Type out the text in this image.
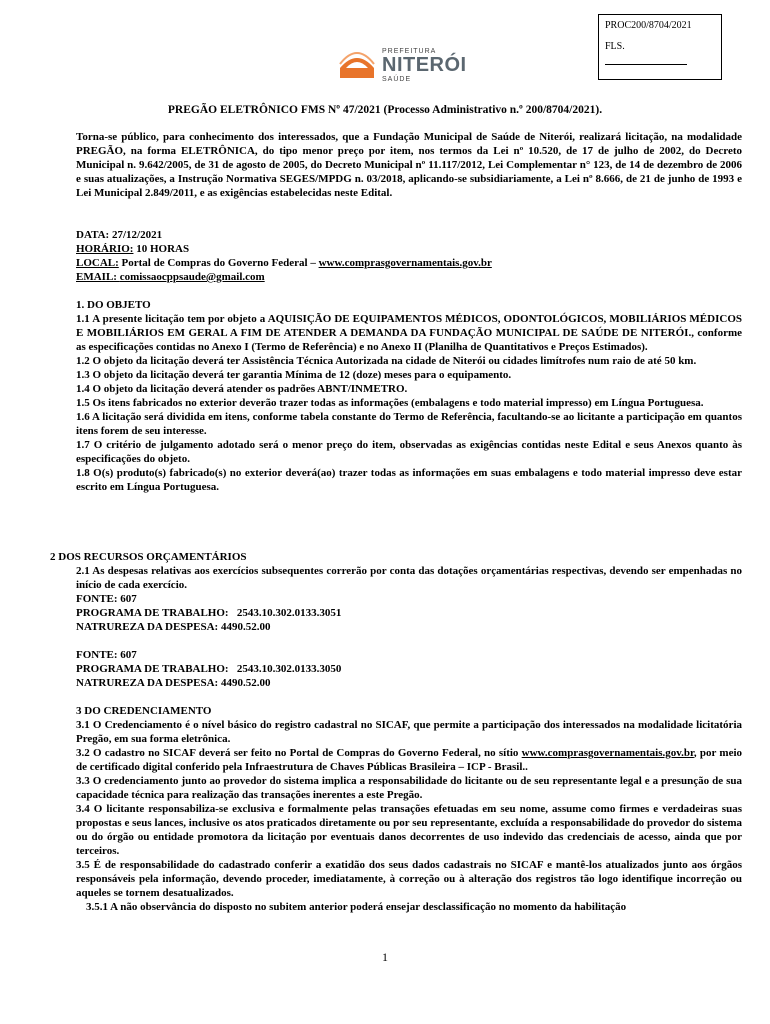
PROC200/8704/2021
FLS.
PREFEITURA
NITERÓI
SAÚDE
PREGÃO ELETRÔNICO FMS Nº 47/2021 (Processo Administrativo n.º 200/8704/2021).
Torna-se público, para conhecimento dos interessados, que a Fundação Municipal de Saúde de Niterói, realizará licitação, na modalidade PREGÃO, na forma ELETRÔNICA, do tipo menor preço por item, nos termos da Lei nº 10.520, de 17 de julho de 2002, do Decreto Municipal n. 9.642/2005, de 31 de agosto de 2005, do Decreto Municipal nº 11.117/2012, Lei Complementar n° 123, de 14 de dezembro de 2006 e suas atualizações, a Instrução Normativa SEGES/MPDG n. 03/2018, aplicando-se subsidiariamente, a Lei nº 8.666, de 21 de junho de 1993 e Lei Municipal 2.849/2011, e as exigências estabelecidas neste Edital.

DATA: 27/12/2021

HORÁRIO: 10 HORAS

LOCAL: Portal de Compras do Governo Federal – www.comprasgovernamentais.gov.br

EMAIL: comissaocppsaude@gmail.com

1. DO OBJETO

1.1 A presente licitação tem por objeto a AQUISIÇÃO DE EQUIPAMENTOS MÉDICOS, ODONTOLÓGICOS, MOBILIÁRIOS MÉDICOS E MOBILIÁRIOS EM GERAL A FIM DE ATENDER A DEMANDA DA FUNDAÇÃO MUNICIPAL DE SAÚDE DE NITERÓI., conforme as especificações contidas no Anexo I (Termo de Referência) e no Anexo II (Planilha de Quantitativos e Preços Estimados).

1.2 O objeto da licitação deverá ter Assistência Técnica Autorizada na cidade de Niterói ou cidades limítrofes num raio de até 50 km.

1.3 O objeto da licitação deverá ter garantia Mínima de 12 (doze) meses para o equipamento.

1.4 O objeto da licitação deverá atender os padrões ABNT/INMETRO.

1.5 Os itens fabricados no exterior deverão trazer todas as informações (embalagens e todo material impresso) em Língua Portuguesa.

1.6 A licitação será dividida em itens, conforme tabela constante do Termo de Referência, facultando-se ao licitante a participação em quantos itens forem de seu interesse.

1.7 O critério de julgamento adotado será o menor preço do item, observadas as exigências contidas neste Edital e seus Anexos quanto às especificações do objeto.

1.8 O(s) produto(s) fabricado(s) no exterior deverá(ao) trazer todas as informações em suas embalagens e todo material impresso deve estar escrito em Língua Portuguesa.

2 DOS RECURSOS ORÇAMENTÁRIOS

2.1 As despesas relativas aos exercícios subsequentes correrão por conta das dotações orçamentárias respectivas, devendo ser empenhadas no início de cada exercício.

FONTE: 607

PROGRAMA DE TRABALHO:   2543.10.302.0133.3051

NATRUREZA DA DESPESA: 4490.52.00

FONTE: 607

PROGRAMA DE TRABALHO:   2543.10.302.0133.3050

NATRUREZA DA DESPESA: 4490.52.00

3 DO CREDENCIAMENTO

3.1 O Credenciamento é o nível básico do registro cadastral no SICAF, que permite a participação dos interessados na modalidade licitatória Pregão, em sua forma eletrônica.

3.2 O cadastro no SICAF deverá ser feito no Portal de Compras do Governo Federal, no sítio www.comprasgovernamentais.gov.br, por meio de certificado digital conferido pela Infraestrutura de Chaves Públicas Brasileira – ICP - Brasil..

3.3 O credenciamento junto ao provedor do sistema implica a responsabilidade do licitante ou de seu representante legal e a presunção de sua capacidade técnica para realização das transações inerentes a este Pregão.

3.4 O licitante responsabiliza-se exclusiva e formalmente pelas transações efetuadas em seu nome, assume como firmes e verdadeiras suas propostas e seus lances, inclusive os atos praticados diretamente ou por seu representante, excluída a responsabilidade do provedor do sistema ou do órgão ou entidade promotora da licitação por eventuais danos decorrentes de uso indevido das credenciais de acesso, ainda que por terceiros.

3.5 É de responsabilidade do cadastrado conferir a exatidão dos seus dados cadastrais no SICAF e mantê-los atualizados junto aos órgãos responsáveis pela informação, devendo proceder, imediatamente, à correção ou à alteração dos registros tão logo identifique incorreção ou aqueles se tornem desatualizados.

3.5.1 A não observância do disposto no subitem anterior poderá ensejar desclassificação no momento da habilitação

1
